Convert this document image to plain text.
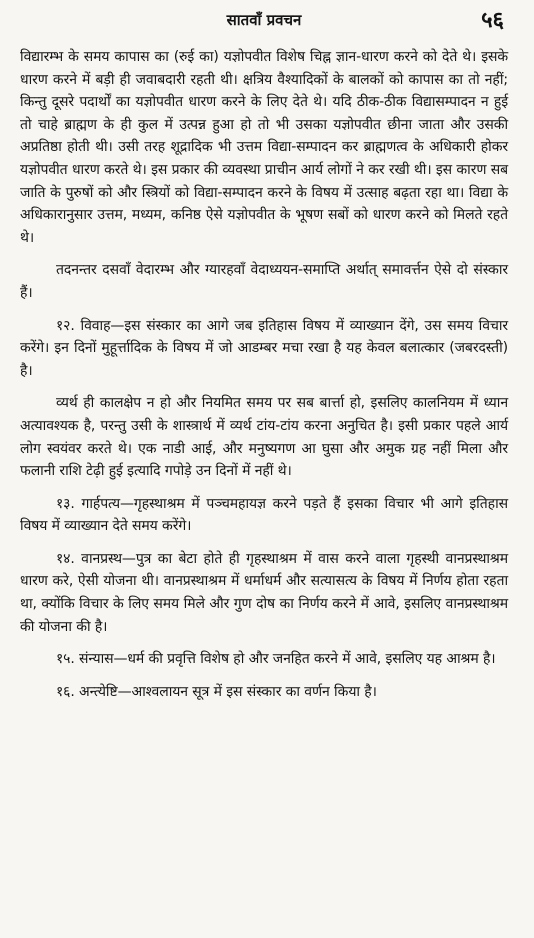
सातवाँ प्रवचन	५६

विद्यारम्भ के समय कापास का (रुई का) यज्ञोपवीत विशेष चिह्न ज्ञान-धारण करने को देते थे। इसके धारण करने में बड़ी ही जवाबदारी रहती थी। क्षत्रिय वैश्यादिकों के बालकों को कापास का तो नहीं; किन्तु दूसरे पदार्थों का यज्ञोपवीत धारण करने के लिए देते थे। यदि ठीक-ठीक विद्यासम्पादन न हुई तो चाहे ब्राह्मण के ही कुल में उत्पन्न हुआ हो तो भी उसका यज्ञोपवीत छीना जाता और उसकी अप्रतिष्ठा होती थी। उसी तरह शूद्रादिक भी उत्तम विद्या-सम्पादन कर ब्राह्मणत्व के अधिकारी होकर यज्ञोपवीत धारण करते थे। इस प्रकार की व्यवस्था प्राचीन आर्य लोगों ने कर रखी थी। इस कारण सब जाति के पुरुषों को और स्त्रियों को विद्या-सम्पादन करने के विषय में उत्साह बढ़ता रहा था। विद्या के अधिकारानुसार उत्तम, मध्यम, कनिष्ठ ऐसे यज्ञोपवीत के भूषण सबों को धारण करने को मिलते रहते थे।

तदनन्तर दसवाँ वेदारम्भ और ग्यारहवाँ वेदाध्ययन-समाप्ति अर्थात् समावर्त्तन ऐसे दो संस्कार हैं।

१२. विवाह—इस संस्कार का आगे जब इतिहास विषय में व्याख्यान देंगे, उस समय विचार करेंगे। इन दिनों मुहूर्त्तादिक के विषय में जो आडम्बर मचा रखा है यह केवल बलात्कार (जबरदस्ती) है।

व्यर्थ ही कालक्षेप न हो और नियमित समय पर सब बार्त्ता हो, इसलिए कालनियम में ध्यान अत्यावश्यक है, परन्तु उसी के शास्त्रार्थ में व्यर्थ टांय-टांय करना अनुचित है। इसी प्रकार पहले आर्य लोग स्वयंवर करते थे। एक नाडी आई, और मनुष्यगण आ घुसा और अमुक ग्रह नहीं मिला और फलानी राशि टेढ़ी हुई इत्यादि गपोड़े उन दिनों में नहीं थे।

१३. गार्हपत्य—गृहस्थाश्रम में पञ्चमहायज्ञ करने पड़ते हैं इसका विचार भी आगे इतिहास विषय में व्याख्यान देते समय करेंगे।

१४. वानप्रस्थ—पुत्र का बेटा होते ही गृहस्थाश्रम में वास करने वाला गृहस्थी वानप्रस्थाश्रम धारण करे, ऐसी योजना थी। वानप्रस्थाश्रम में धर्माधर्म और सत्यासत्य के विषय में निर्णय होता रहता था, क्योंकि विचार के लिए समय मिले और गुण दोष का निर्णय करने में आवे, इसलिए वानप्रस्थाश्रम की योजना की है।

१५. संन्यास—धर्म की प्रवृत्ति विशेष हो और जनहित करने में आवे, इसलिए यह आश्रम है।

१६. अन्त्येष्टि—आश्वलायन सूत्र में इस संस्कार का वर्णन किया है।
